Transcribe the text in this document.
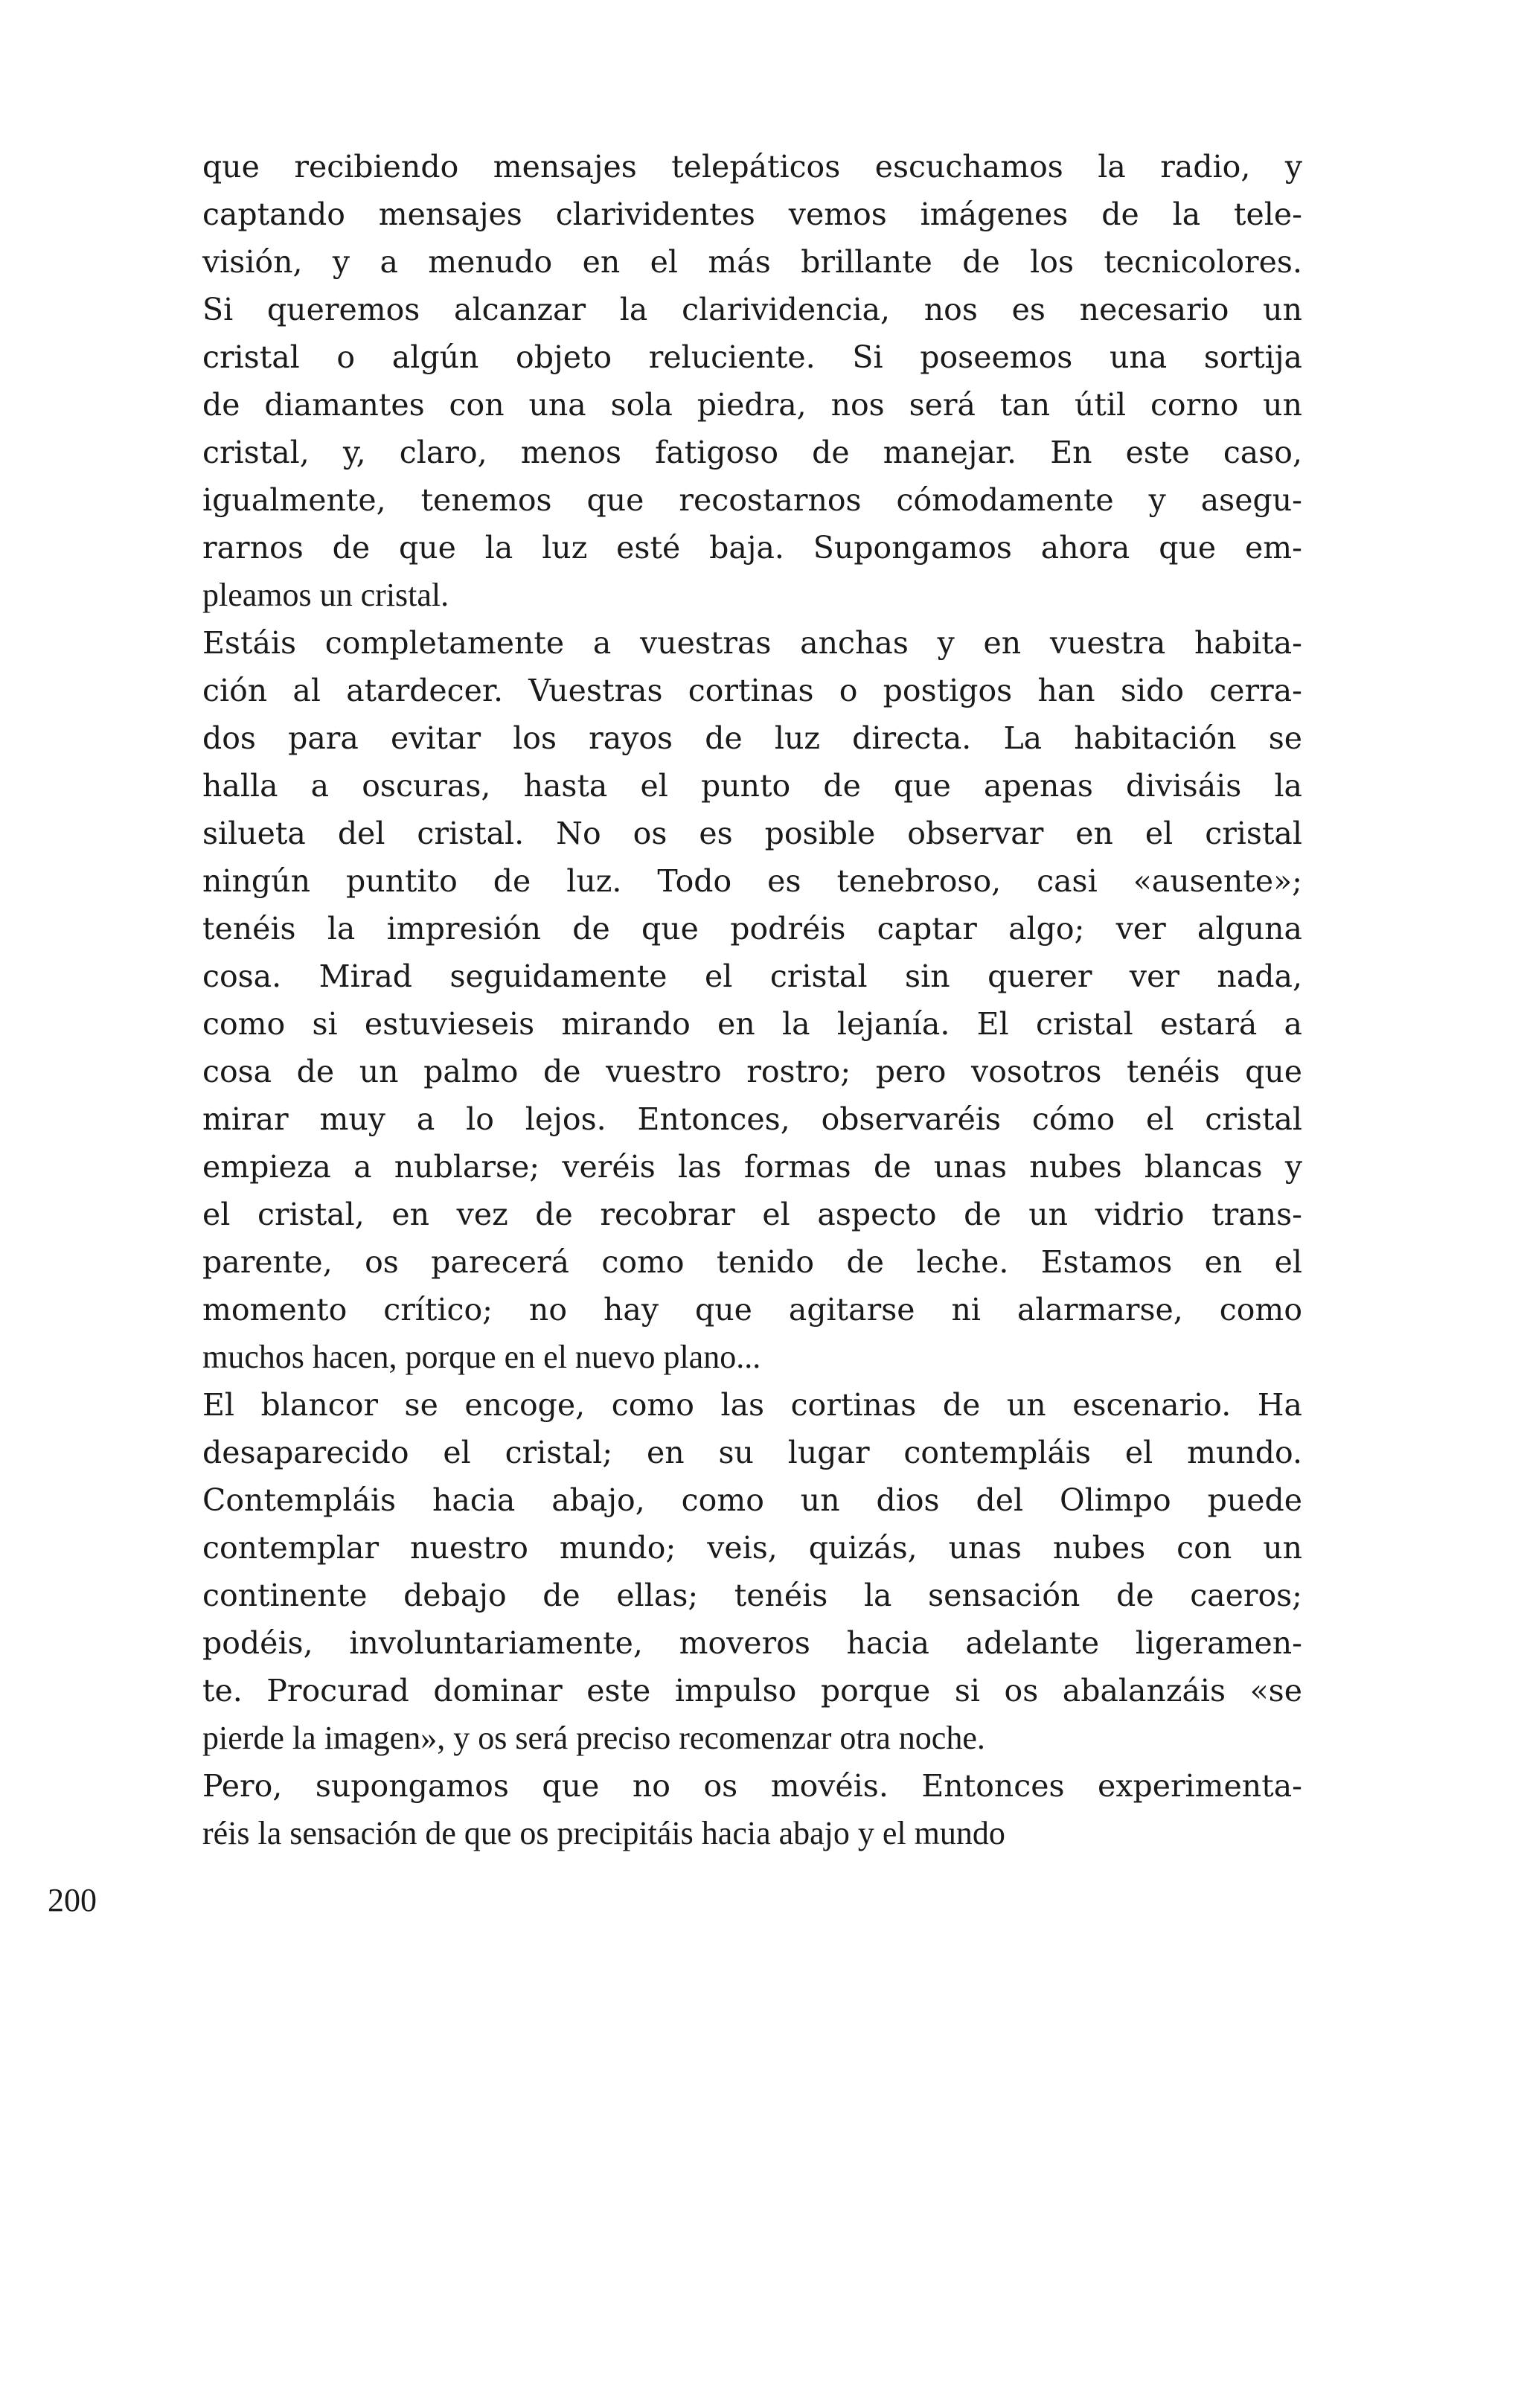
que recibiendo mensajes telepáticos escuchamos la radio, y
captando mensajes clarividentes vemos imágenes de la tele-
visión, y a menudo en el más brillante de los tecnicolores.
Si queremos alcanzar la clarividencia, nos es necesario un
cristal o algún objeto reluciente. Si poseemos una sortija
de diamantes con una sola piedra, nos será tan útil corno un
cristal, y, claro, menos fatigoso de manejar. En este caso,
igualmente, tenemos que recostarnos cómodamente y asegu-
rarnos de que la luz esté baja. Supongamos ahora que em-
pleamos un cristal.
Estáis completamente a vuestras anchas y en vuestra habita-
ción al atardecer. Vuestras cortinas o postigos han sido cerra-
dos para evitar los rayos de luz directa. La habitación se
halla a oscuras, hasta el punto de que apenas divisáis la
silueta del cristal. No os es posible observar en el cristal
ningún puntito de luz. Todo es tenebroso, casi «ausente»;
tenéis la impresión de que podréis captar algo; ver alguna
cosa. Mirad seguidamente el cristal sin querer ver nada,
como si estuvieseis mirando en la lejanía. El cristal estará a
cosa de un palmo de vuestro rostro; pero vosotros tenéis que
mirar muy a lo lejos. Entonces, observaréis cómo el cristal
empieza a nublarse; veréis las formas de unas nubes blancas y
el cristal, en vez de recobrar el aspecto de un vidrio trans-
parente, os parecerá como tenido de leche. Estamos en el
momento crítico; no hay que agitarse ni alarmarse, como
muchos hacen, porque en el nuevo plano...
El blancor se encoge, como las cortinas de un escenario. Ha
desaparecido el cristal; en su lugar contempláis el mundo.
Contempláis hacia abajo, como un dios del Olimpo puede
contemplar nuestro mundo; veis, quizás, unas nubes con un
continente debajo de ellas; tenéis la sensación de caeros;
podéis, involuntariamente, moveros hacia adelante ligeramen-
te. Procurad dominar este impulso porque si os abalanzáis «se
pierde la imagen», y os será preciso recomenzar otra noche.
Pero, supongamos que no os movéis. Entonces experimenta-
réis la sensación de que os precipitáis hacia abajo y el mundo
200
